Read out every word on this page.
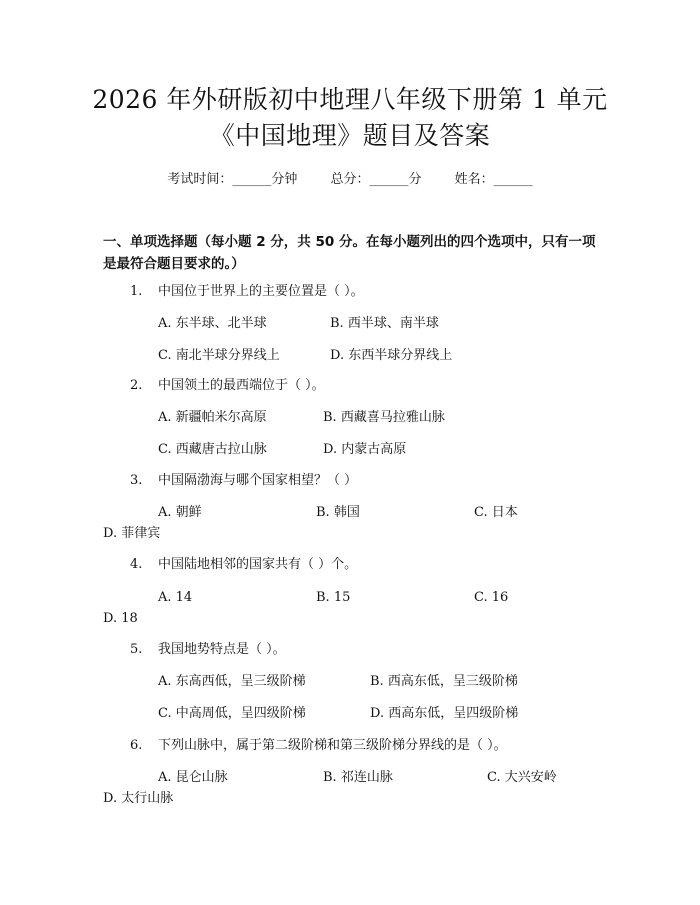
2026 年外研版初中地理八年级下册第 1 单元
《中国地理》题目及答案
考试时间：______分钟	总分：______分	姓名：______
一、单项选择题（每小题 2 分，共 50 分。在每小题列出的四个选项中，只有一项
是最符合题目要求的。）
1. 中国位于世界上的主要位置是（ ）。
A. 东半球、北半球	B. 西半球、南半球
C. 南北半球分界线上	D. 东西半球分界线上
2. 中国领土的最西端位于（ ）。
A. 新疆帕米尔高原	B. 西藏喜马拉雅山脉
C. 西藏唐古拉山脉	D. 内蒙古高原
3. 中国隔渤海与哪个国家相望？（ ）
A. 朝鲜	B. 韩国	C. 日本
D. 菲律宾
4. 中国陆地相邻的国家共有（ ）个。
A. 14	B. 15	C. 16
D. 18
5. 我国地势特点是（ ）。
A. 东高西低，呈三级阶梯	B. 西高东低，呈三级阶梯
C. 中高周低，呈四级阶梯	D. 西高东低，呈四级阶梯
6. 下列山脉中，属于第二级阶梯和第三级阶梯分界线的是（ ）。
A. 昆仑山脉	B. 祁连山脉	C. 大兴安岭
D. 太行山脉
